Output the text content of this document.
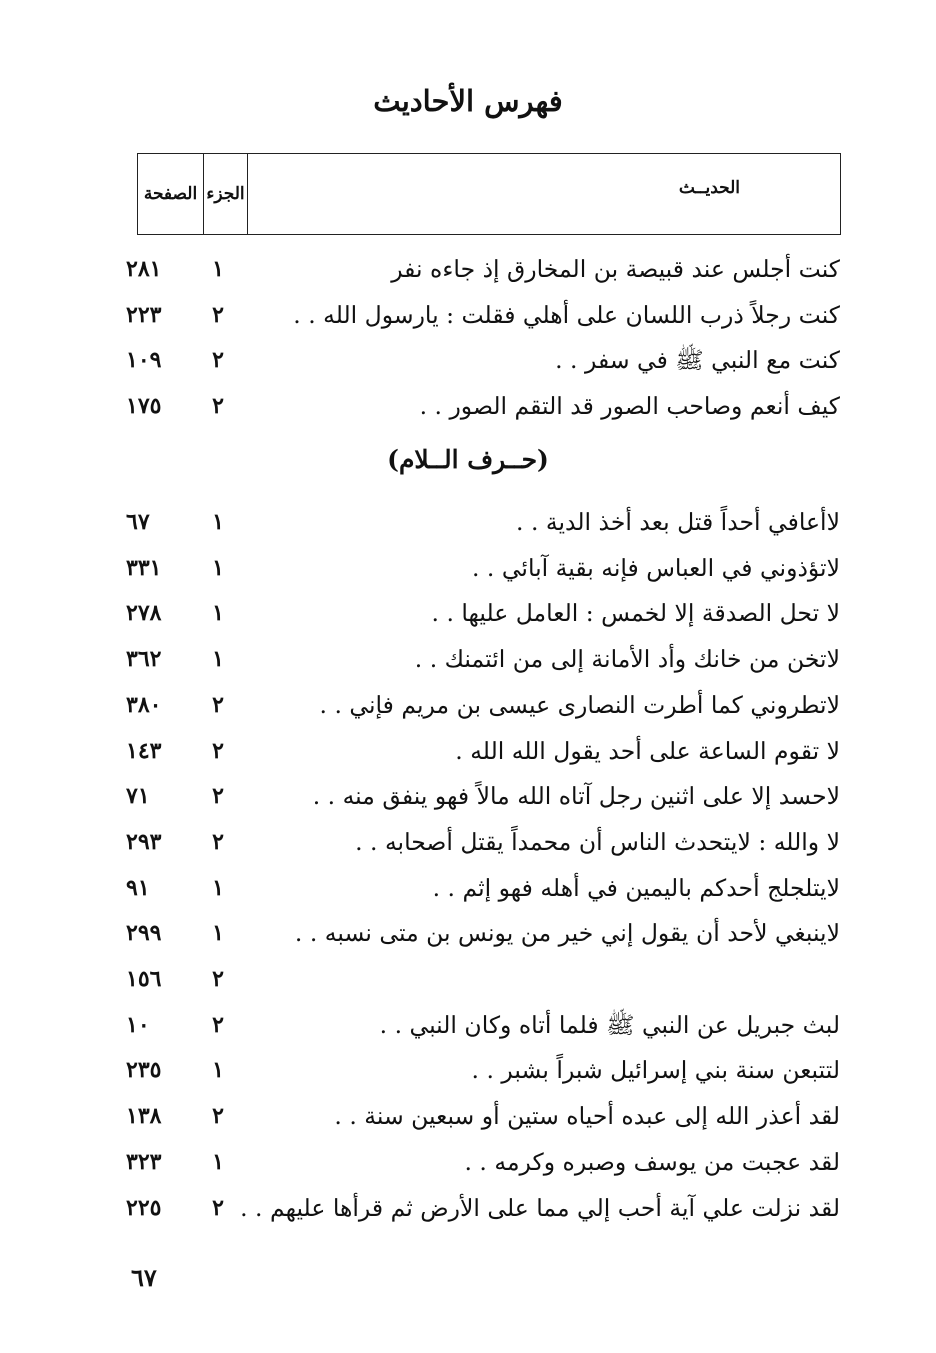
فهرس الأحاديث
الصفحة الجزء	الحديــث
كنت أجلس عند قبيصة بن المخارق إذ جاءه نفر
١
٢٨١
كنت رجلاً ذرب اللسان على أهلي فقلت : يارسول الله . .
٢
٢٢٣
كنت مع النبي ﷺ في سفر . .
٢
١٠٩
كيف أنعم وصاحب الصور قد التقم الصور . .
٢
١٧٥
(حــرف الــلام)
لاأعافي أحداً قتل بعد أخذ الدية . .
١
٦٧
لاتؤذوني في العباس فإنه بقية آبائي . .
١
٣٣١
لا تحل الصدقة إلا لخمس : العامل عليها . .
١
٢٧٨
لاتخن من خانك وأد الأمانة إلى من ائتمنك . .
١
٣٦٢
لاتطروني كما أطرت النصارى عيسى بن مريم فإني . .
٢
٣٨٠
لا تقوم الساعة على أحد يقول الله الله .
٢
١٤٣
لاحسد إلا على اثنين رجل آتاه الله مالاً فهو ينفق منه . .
٢
٧١
لا والله : لايتحدث الناس أن محمداً يقتل أصحابه . .
٢
٢٩٣
لايتلجلج أحدكم باليمين في أهله فهو إثم . .
١
٩١
لاينبغي لأحد أن يقول إني خير من يونس بن متى نسبه . .
١
٢٩٩
٢
١٥٦
لبث جبريل عن النبي ﷺ فلما أتاه وكان النبي . .
٢
١٠
لتتبعن سنة بني إسرائيل شبراً بشبر . .
١
٢٣٥
لقد أعذر الله إلى عبده أحياه ستين أو سبعين سنة . .
٢
١٣٨
لقد عجبت من يوسف وصبره وكرمه . .
١
٣٢٣
لقد نزلت علي آية أحب إلي مما على الأرض ثم قرأها عليهم . .
٢
٢٢٥
٦٧
